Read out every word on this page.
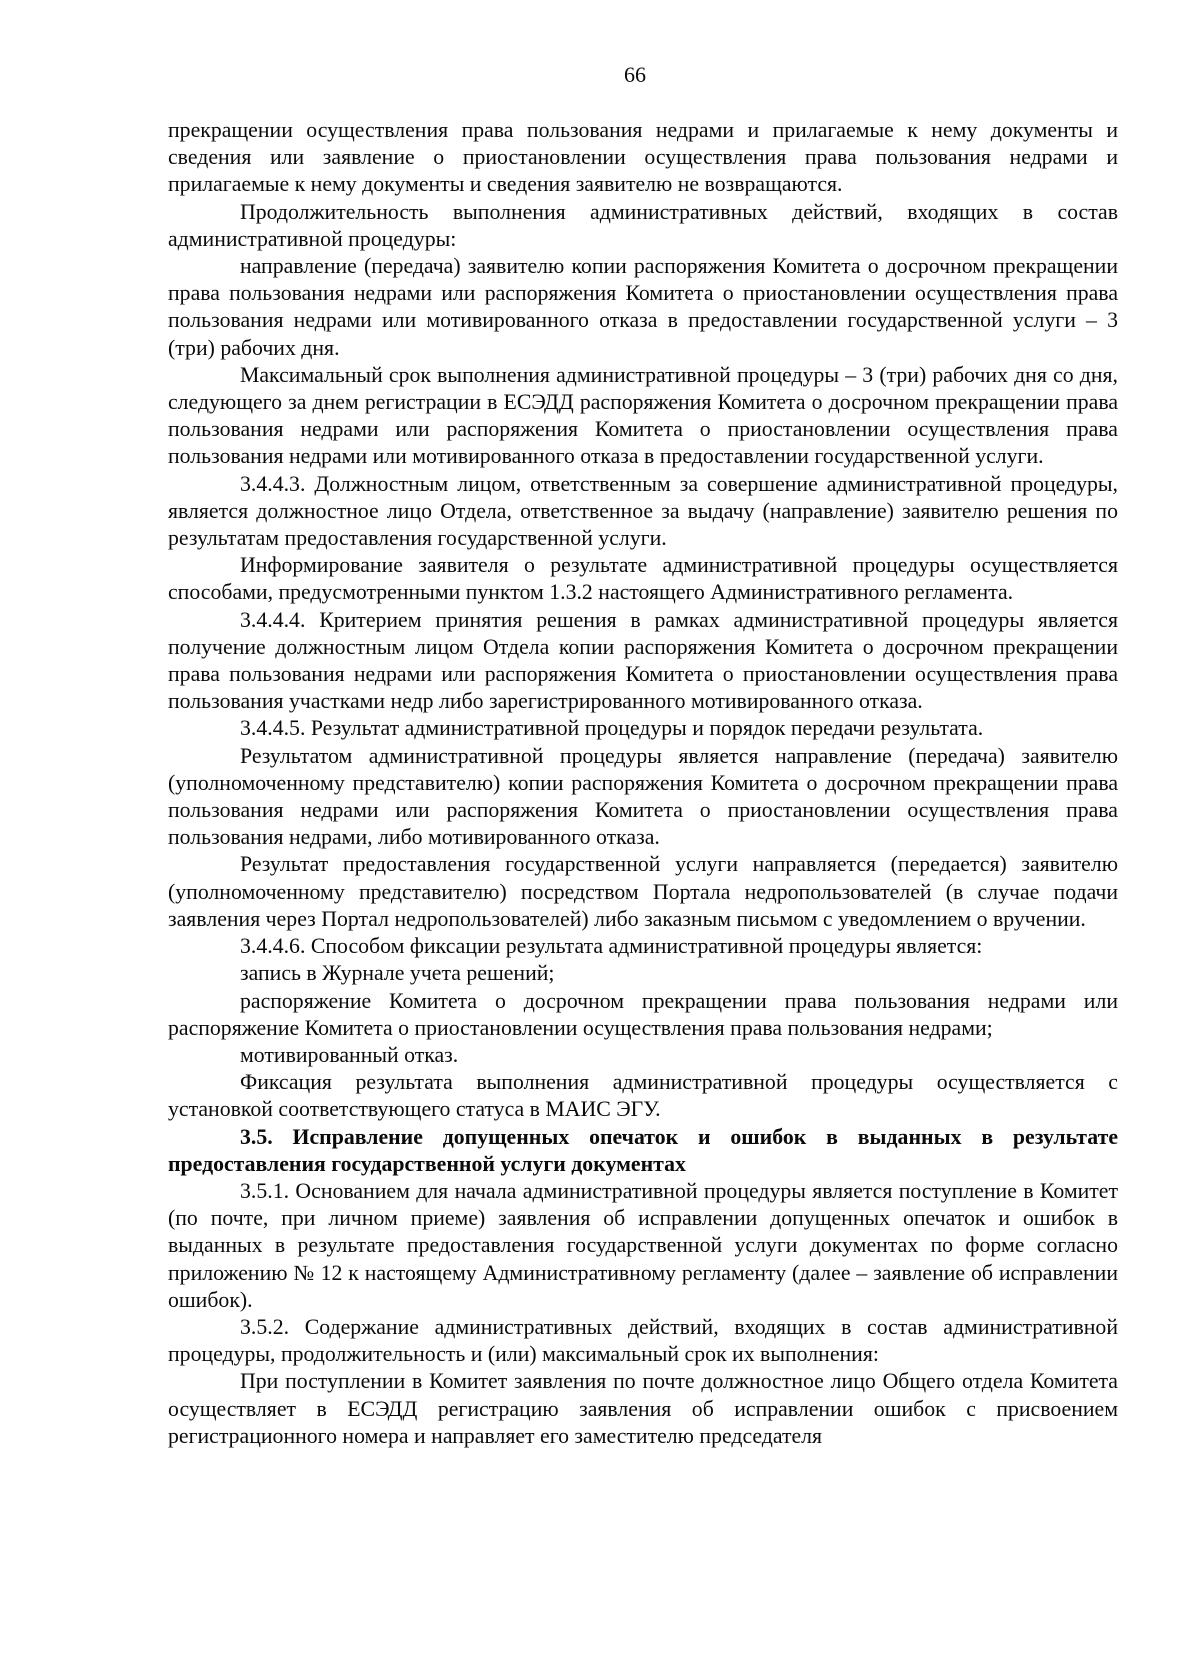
66

прекращении осуществления права пользования недрами и прилагаемые к нему документы и сведения или заявление о приостановлении осуществления права пользования недрами и прилагаемые к нему документы и сведения заявителю не возвращаются.

Продолжительность выполнения административных действий, входящих в состав административной процедуры:

направление (передача) заявителю копии распоряжения Комитета о досрочном прекращении права пользования недрами или распоряжения Комитета о приостановлении осуществления права пользования недрами или мотивированного отказа в предоставлении государственной услуги – 3 (три) рабочих дня.

Максимальный срок выполнения административной процедуры – 3 (три) рабочих дня со дня, следующего за днем регистрации в ЕСЭДД распоряжения Комитета о досрочном прекращении права пользования недрами или распоряжения Комитета о приостановлении осуществления права пользования недрами или мотивированного отказа в предоставлении государственной услуги.

3.4.4.3. Должностным лицом, ответственным за совершение административной процедуры, является должностное лицо Отдела, ответственное за выдачу (направление) заявителю решения по результатам предоставления государственной услуги.

Информирование заявителя о результате административной процедуры осуществляется способами, предусмотренными пунктом 1.3.2 настоящего Административного регламента.

3.4.4.4. Критерием принятия решения в рамках административной процедуры является получение должностным лицом Отдела копии распоряжения Комитета о досрочном прекращении права пользования недрами или распоряжения Комитета о приостановлении осуществления права пользования участками недр либо зарегистрированного мотивированного отказа.

3.4.4.5. Результат административной процедуры и порядок передачи результата.

Результатом административной процедуры является направление (передача) заявителю (уполномоченному представителю) копии распоряжения Комитета о досрочном прекращении права пользования недрами или распоряжения Комитета о приостановлении осуществления права пользования недрами, либо мотивированного отказа.

Результат предоставления государственной услуги направляется (передается) заявителю (уполномоченному представителю) посредством Портала недропользователей (в случае подачи заявления через Портал недропользователей) либо заказным письмом с уведомлением о вручении.

3.4.4.6. Способом фиксации результата административной процедуры является:

запись в Журнале учета решений;

распоряжение Комитета о досрочном прекращении права пользования недрами или распоряжение Комитета о приостановлении осуществления права пользования недрами;

мотивированный отказ.

Фиксация результата выполнения административной процедуры осуществляется с установкой соответствующего статуса в МАИС ЭГУ.

3.5. Исправление допущенных опечаток и ошибок в выданных в результате предоставления государственной услуги документах

3.5.1. Основанием для начала административной процедуры является поступление в Комитет (по почте, при личном приеме) заявления об исправлении допущенных опечаток и ошибок в выданных в результате предоставления государственной услуги документах по форме согласно приложению № 12 к настоящему Административному регламенту (далее – заявление об исправлении ошибок).

3.5.2. Содержание административных действий, входящих в состав административной процедуры, продолжительность и (или) максимальный срок их выполнения:

При поступлении в Комитет заявления по почте должностное лицо Общего отдела Комитета осуществляет в ЕСЭДД регистрацию заявления об исправлении ошибок с присвоением регистрационного номера и направляет его заместителю председателя
